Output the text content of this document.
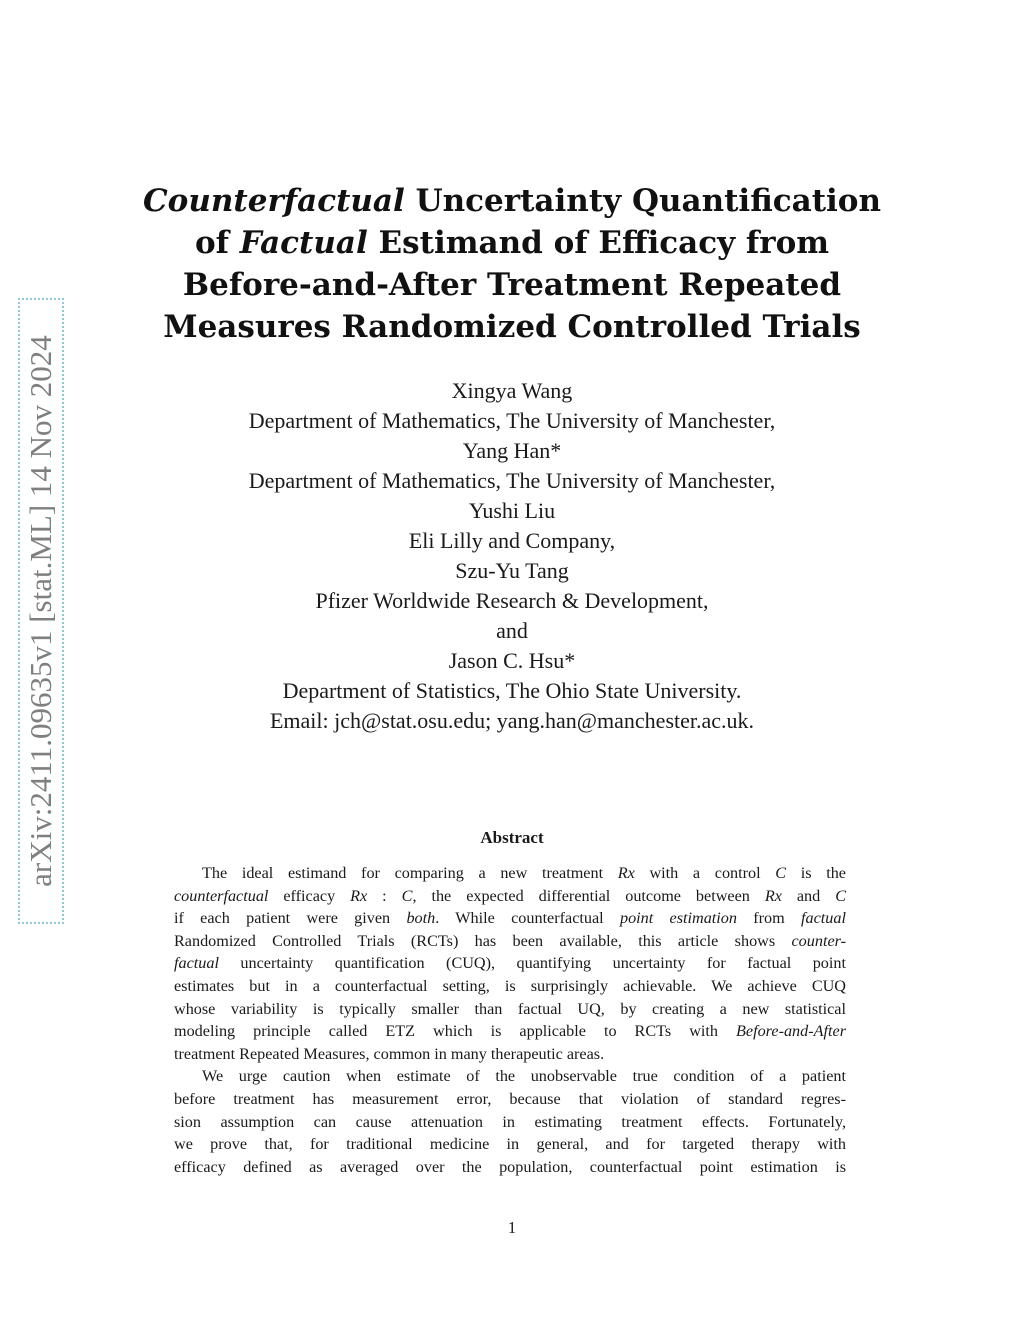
arXiv:2411.09635v1 [stat.ML] 14 Nov 2024
Counterfactual Uncertainty Quantification
of Factual Estimand of Efficacy from
Before-and-After Treatment Repeated
Measures Randomized Controlled Trials
Xingya Wang
Department of Mathematics, The University of Manchester,
Yang Han*
Department of Mathematics, The University of Manchester,
Yushi Liu
Eli Lilly and Company,
Szu-Yu Tang
Pfizer Worldwide Research & Development,
and
Jason C. Hsu*
Department of Statistics, The Ohio State University.
Email: jch@stat.osu.edu; yang.han@manchester.ac.uk.
Abstract
The ideal estimand for comparing a new treatment Rx with a control C is the
counterfactual efficacy Rx : C, the expected differential outcome between Rx and C
if each patient were given both. While counterfactual point estimation from factual
Randomized Controlled Trials (RCTs) has been available, this article shows counter-
factual uncertainty quantification (CUQ), quantifying uncertainty for factual point
estimates but in a counterfactual setting, is surprisingly achievable. We achieve CUQ
whose variability is typically smaller than factual UQ, by creating a new statistical
modeling principle called ETZ which is applicable to RCTs with Before-and-After
treatment Repeated Measures, common in many therapeutic areas.
We urge caution when estimate of the unobservable true condition of a patient
before treatment has measurement error, because that violation of standard regres-
sion assumption can cause attenuation in estimating treatment effects. Fortunately,
we prove that, for traditional medicine in general, and for targeted therapy with
efficacy defined as averaged over the population, counterfactual point estimation is
1
